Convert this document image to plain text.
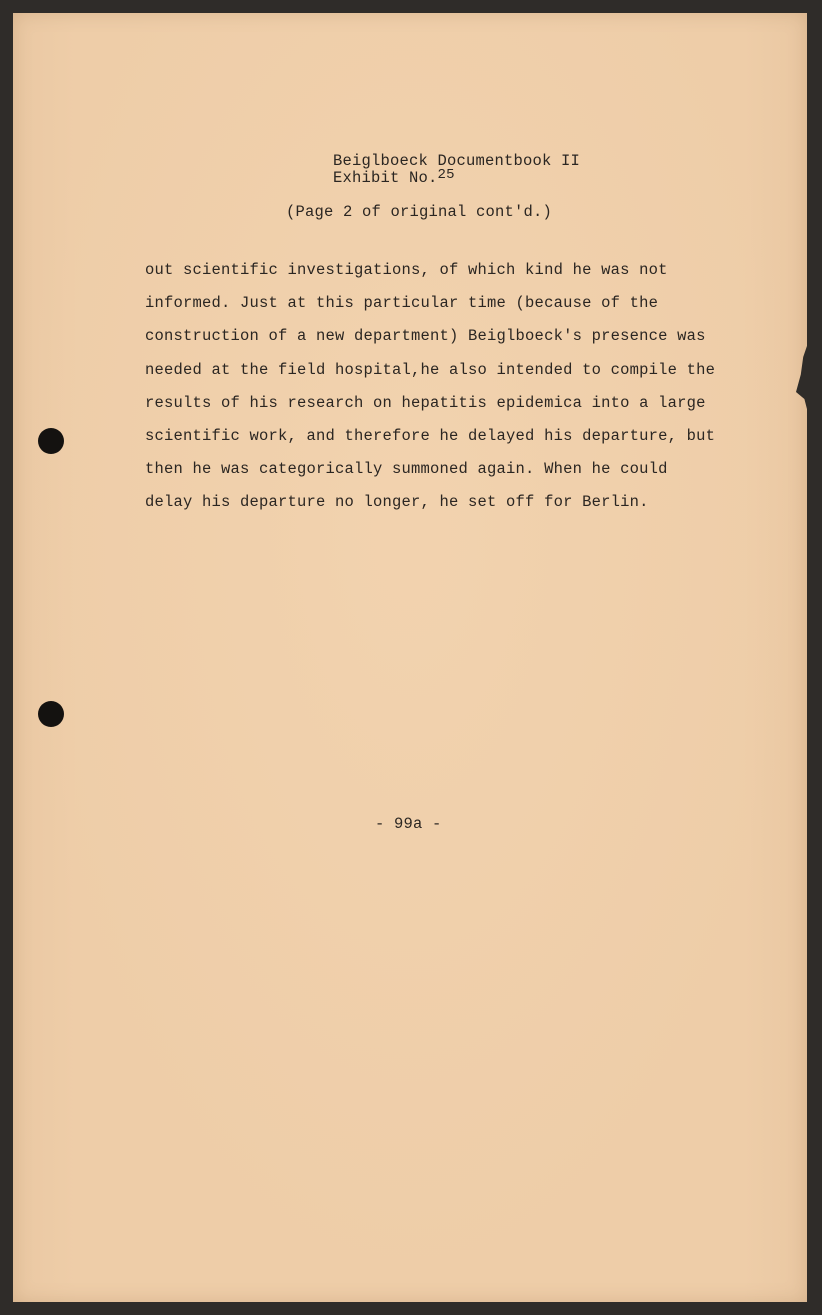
Beiglboeck Documentbook II
Exhibit No.$^{25}$
(Page 2 of original cont'd.)
out scientific investigations, of which kind he was not
informed. Just at this particular time (because of the
construction of a new department) Beiglboeck's presence was
needed at the field hospital,he also intended to compile the
results of his research on hepatitis epidemica into a large
scientific work, and therefore he delayed his departure, but
then he was categorically summoned again. When he could
delay his departure no longer, he set off for Berlin.
- 99a -
